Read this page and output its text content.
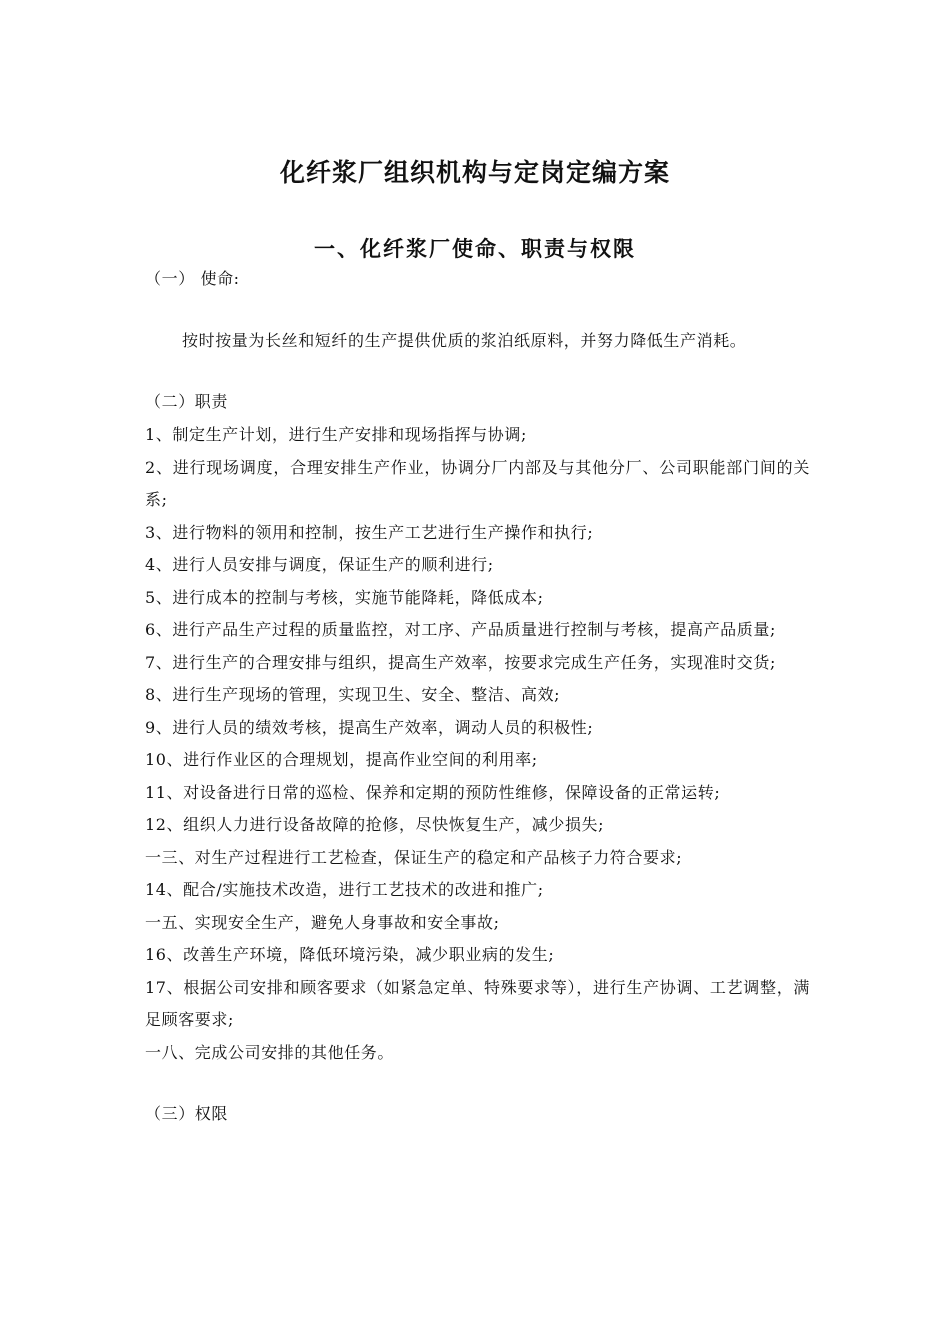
化纤浆厂组织机构与定岗定编方案
一、化纤浆厂使命、职责与权限

（一） 使命:

按时按量为长丝和短纤的生产提供优质的浆泊纸原料，并努力降低生产消耗。

（二）职责

1、制定生产计划，进行生产安排和现场指挥与协调;
2、进行现场调度，合理安排生产作业，协调分厂内部及与其他分厂、公司职能部门间的关系;
3、进行物料的领用和控制，按生产工艺进行生产操作和执行;
4、进行人员安排与调度，保证生产的顺利进行;
5、进行成本的控制与考核，实施节能降耗，降低成本;
6、进行产品生产过程的质量监控，对工序、产品质量进行控制与考核，提高产品质量;
7、进行生产的合理安排与组织，提高生产效率，按要求完成生产任务，实现准时交货;
8、进行生产现场的管理，实现卫生、安全、整洁、高效;
9、进行人员的绩效考核，提高生产效率，调动人员的积极性;
10、进行作业区的合理规划，提高作业空间的利用率;
11、对设备进行日常的巡检、保养和定期的预防性维修，保障设备的正常运转;
12、组织人力进行设备故障的抢修，尽快恢复生产，减少损失;
一三、对生产过程进行工艺检查，保证生产的稳定和产品核子力符合要求;
14、配合/实施技术改造，进行工艺技术的改进和推广;
一五、实现安全生产，避免人身事故和安全事故;
16、改善生产环境，降低环境污染，减少职业病的发生;
17、根据公司安排和顾客要求（如紧急定单、特殊要求等），进行生产协调、工艺调整，满足顾客要求;
一八、完成公司安排的其他任务。

（三）权限
